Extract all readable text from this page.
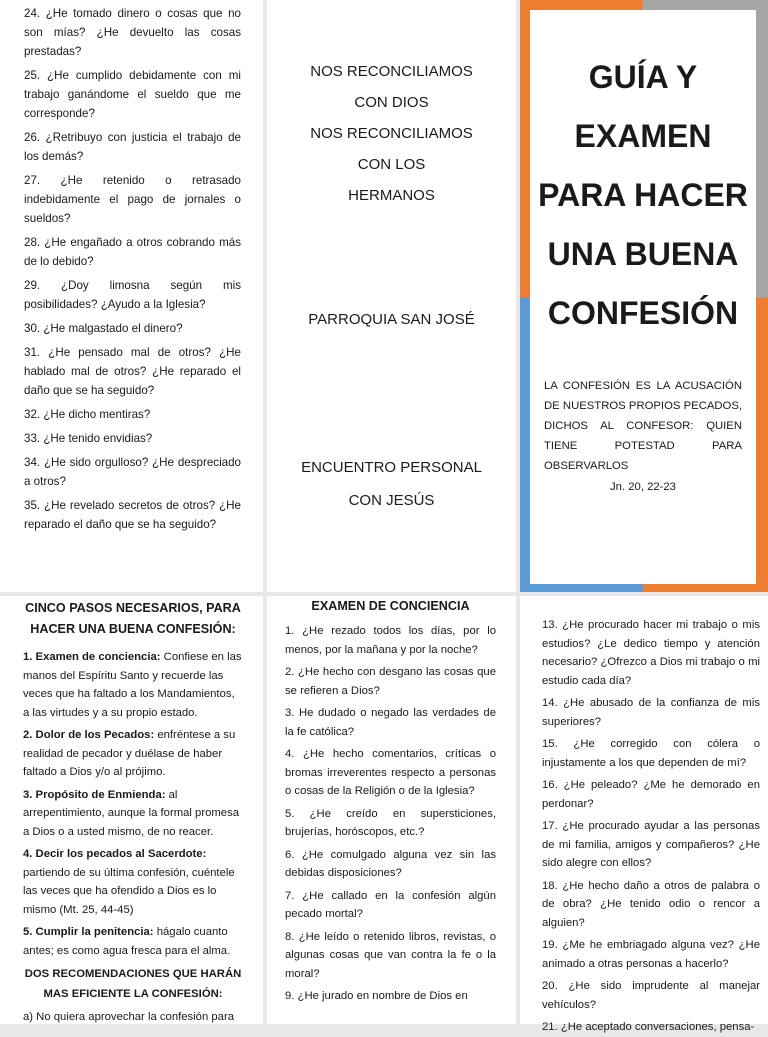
24. ¿He tomado dinero o cosas que no son mías? ¿He devuelto las cosas prestadas?

25. ¿He cumplido debidamente con mi trabajo ganándome el sueldo que me corresponde?

26. ¿Retribuyo con justicia el trabajo de los demás?

27. ¿He retenido o retrasado indebidamente el pago de jornales o sueldos?

28. ¿He engañado a otros cobrando más de lo debido?

29. ¿Doy limosna según mis posibilidades? ¿Ayudo a la Iglesia?

30. ¿He malgastado el dinero?

31. ¿He pensado mal de otros? ¿He hablado mal de otros? ¿He reparado el daño que se ha seguido?

32. ¿He dicho mentiras?

33. ¿He tenido envidias?

34. ¿He sido orgulloso? ¿He despreciado a otros?

35. ¿He revelado secretos de otros? ¿He reparado el daño que se ha seguido?

NOS RECONCILIAMOS
CON DIOS
NOS RECONCILIAMOS
CON LOS
HERMANOS
PARROQUIA SAN JOSÉ
ENCUENTRO PERSONAL
CON JESÚS
GUÍA Y
EXAMEN
PARA HACER
UNA BUENA
CONFESIÓN
LA CONFESIÓN ES LA ACUSACIÓN DE NUESTROS PROPIOS PECADOS, DICHOS AL CONFESOR: QUIEN TIENE POTESTAD PARA OBSERVARLOS
Jn. 20, 22-23
CINCO PASOS NECESARIOS, PARA HACER UNA BUENA CONFESIÓN:

1. Examen de conciencia: Confiese en las manos del Espíritu Santo y recuerde las veces que ha faltado a los Mandamientos, a las virtudes y a su propio estado.

2. Dolor de los Pecados: enfréntese a su realidad de pecador y duélase de haber faltado a Dios y/o al prójimo.

3. Propósito de Enmienda: al arrepentimiento, aunque la formal promesa a Dios o a usted mismo, de no reacer.

4. Decir los pecados al Sacerdote: partiendo de su última confesión, cuéntele las veces que ha ofendido a Dios es lo mismo (Mt. 25, 44-45)

5. Cumplir la penitencia: hágalo cuanto antes; es como agua fresca para el alma.

DOS RECOMENDACIONES QUE HARÁN MAS EFICIENTE LA CONFESIÓN:

a) No quiera aprovechar la confesión para

EXAMEN DE CONCIENCIA

1. ¿He rezado todos los días, por lo menos, por la mañana y por la noche?

2. ¿He hecho con desgano las cosas que se refieren a Dios?

3. He dudado o negado las verdades de la fe católica?

4. ¿He hecho comentarios, críticas o bromas irreverentes respecto a personas o cosas de la Religión o de la Iglesia?

5. ¿He creído en supersticiones, brujerías, horóscopos, etc.?

6. ¿He comulgado alguna vez sin las debidas disposiciones?

7. ¿He callado en la confesión algún pecado mortal?

8. ¿He leído o retenido libros, revistas, o algunas cosas que van contra la fe o la moral?

9. ¿He jurado en nombre de Dios en

13. ¿He procurado hacer mi trabajo o mis estudios? ¿Le dedico tiempo y atención necesario? ¿Ofrezco a Dios mi trabajo o mi estudio cada día?

14. ¿He abusado de la confianza de mis superiores?

15. ¿He corregido con cólera o injustamente a los que dependen de mí?

16. ¿He peleado? ¿Me he demorado en perdonar?

17. ¿He procurado ayudar a las personas de mi familia, amigos y compañeros? ¿He sido alegre con ellos?

18. ¿He hecho daño a otros de palabra o de obra? ¿He tenido odio o rencor a alguien?

19. ¿Me he embriagado alguna vez? ¿He animado a otras personas a hacerlo?

20. ¿He sido imprudente al manejar vehículos?

21. ¿He aceptado conversaciones, pensa-
